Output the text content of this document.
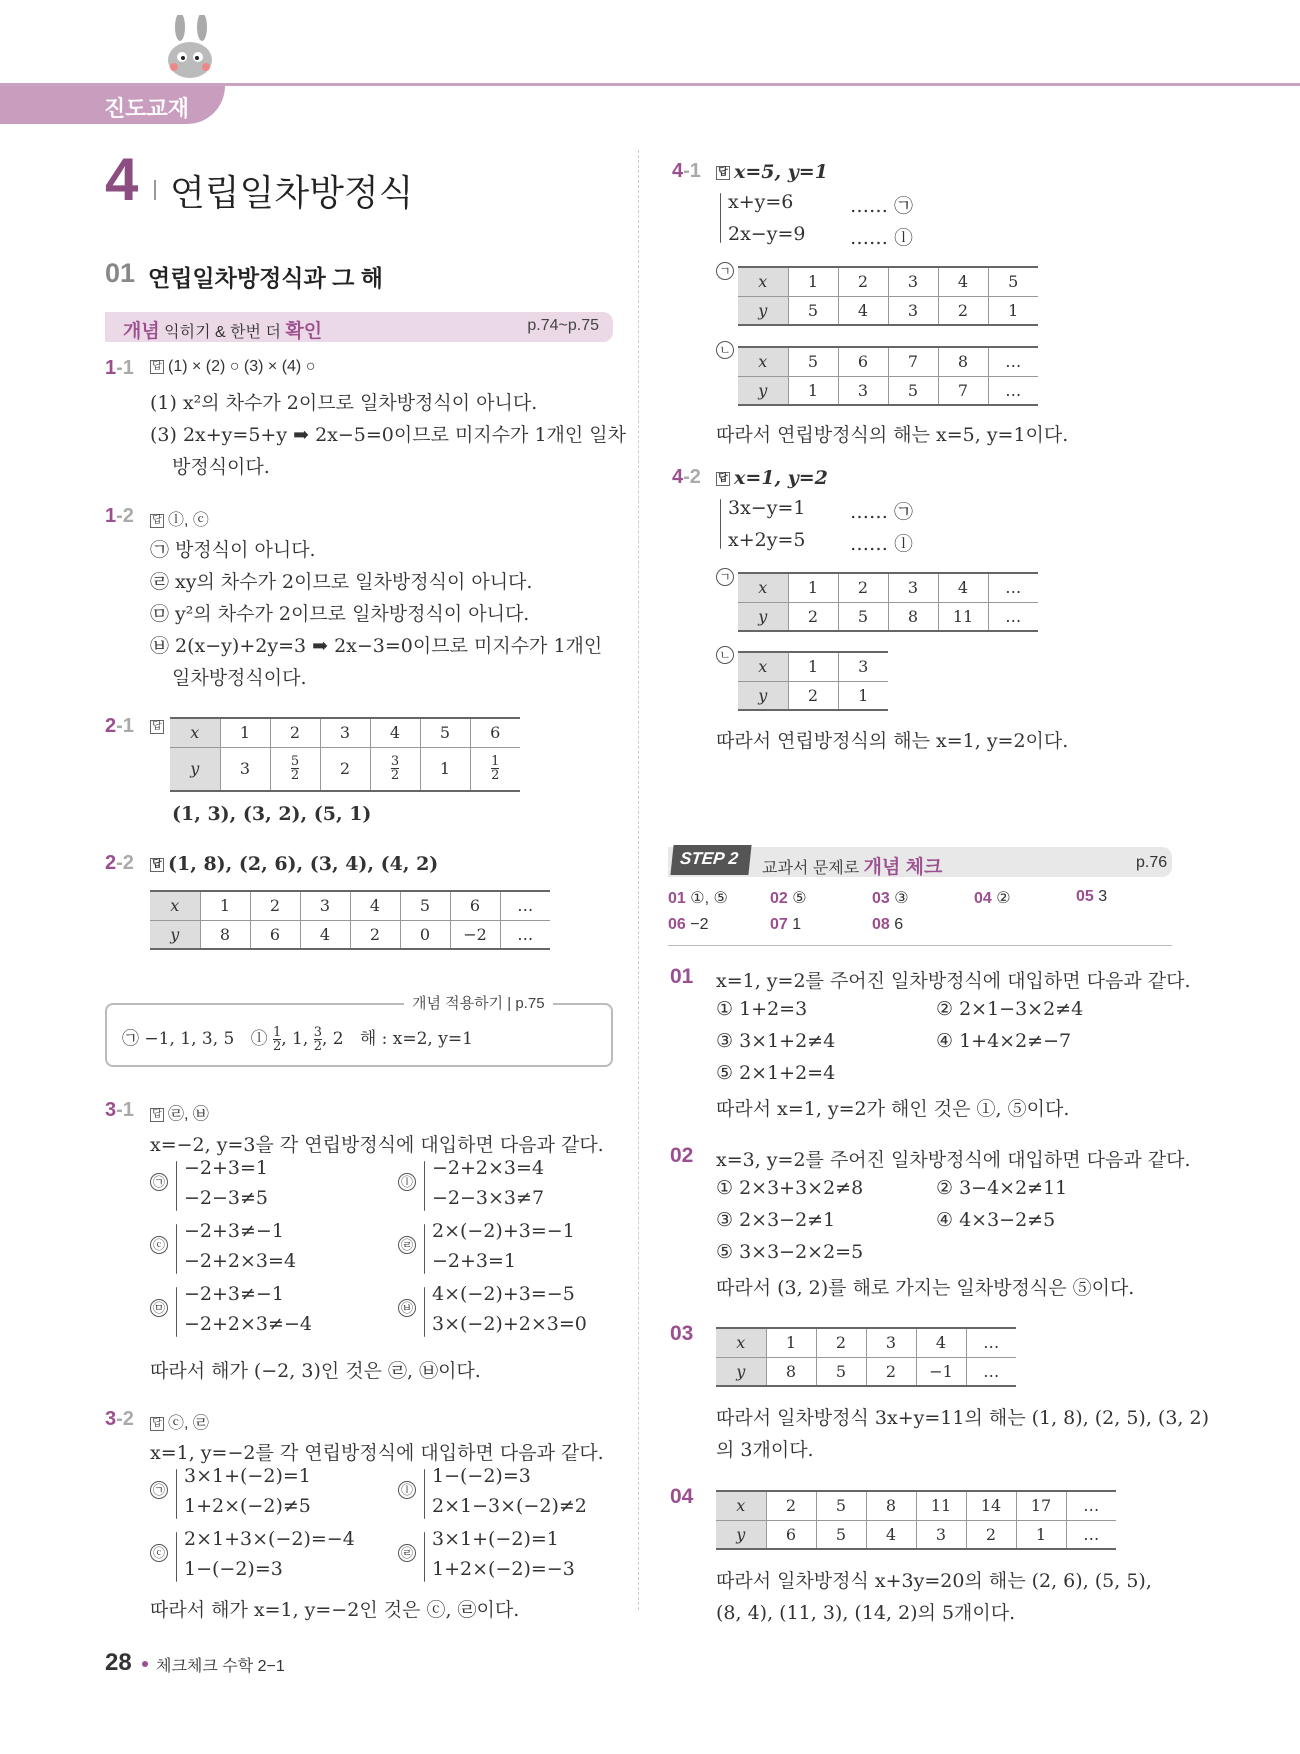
진도교재
4 연립일차방정식
01 연립일차방정식과 그 해
개념 익히기 & 한번 더 확인	p.74~p.75
1-1 답 (1) × (2) ○ (3) × (4) ○
(1) x²의 차수가 2이므로 일차방정식이 아니다.
(3) 2x+y=5+y ➡ 2x−5=0이므로 미지수가 1개인 일차
방정식이다.
1-2 답 ⓛ, ⓒ
㉠ 방정식이 아니다.
㉣ xy의 차수가 2이므로 일차방정식이 아니다.
㉤ y²의 차수가 2이므로 일차방정식이 아니다.
㉥ 2(x−y)+2y=3 ➡ 2x−3=0이므로 미지수가 1개인
일차방정식이다.
2-1 답 x	1	2	3	4	5	6
y	3	$\frac{5}{2}$	2	$\frac{3}{2}$	1	$\frac{1}{2}$
(1, 3), (3, 2), (5, 1)
2-2 답 (1, 8), (2, 6), (3, 4), (4, 2)
x	1	2	3	4	5	6	…
y	8	6	4	2	0	−2	…
개념 적용하기 | p.75
㉠ −1, 1, 3, 5 ⓛ $\frac{1}{2}$ , 1, $\frac{3}{2}$ , 2 해 : x=2, y=1
3-1 답 ㉣, ㉥
x=−2, y=3을 각 연립방정식에 대입하면 다음과 같다.
㉠
−2+3=1
−2−3≠5
ⓛ
−2+2×3=4
−2−3×3≠7
ⓒ
−2+3≠−1
−2+2×3=4
㉣
2×(−2)+3=−1
−2+3=1
㉤
−2+3≠−1
−2+2×3≠−4
㉥
4×(−2)+3=−5
3×(−2)+2×3=0
따라서 해가 (−2, 3)인 것은 ㉣, ㉥이다.
3-2 답 ⓒ, ㉣
x=1, y=−2를 각 연립방정식에 대입하면 다음과 같다.
㉠
3×1+(−2)=1
1+2×(−2)≠5
ⓛ
1−(−2)=3
2×1−3×(−2)≠2
ⓒ
2×1+3×(−2)=−4
1−(−2)=3
㉣
3×1+(−2)=1
1+2×(−2)=−3
따라서 해가 x=1, y=−2인 것은 ⓒ, ㉣이다.
4-1 답 x=5, y=1
x+y=6
2x−y=9
…… ㉠
…… ⓛ
ㄱ
x	1	2	3	4	5
y	5	4	3	2	1
ㄴ
x	5	6	7	8	…
y	1	3	5	7	…
따라서 연립방정식의 해는 x=5, y=1이다.
4-2 답 x=1, y=2
3x−y=1
x+2y=5
…… ㉠
…… ⓛ
ㄱ
x	1	2	3	4	…
y	2	5	8	11	…
ㄴ
x	1	3
y	2	1
따라서 연립방정식의 해는 x=1, y=2이다.
STEP 2
교과서 문제로 개념 체크	p.76
01 ①, ⑤	02 ⑤	03 ③	04 ②	05 3
06 −2	07 1	08 6
01 x=1, y=2를 주어진 일차방정식에 대입하면 다음과 같다.
① 1+2=3	② 2×1−3×2≠4
③ 3×1+2≠4	④ 1+4×2≠−7
⑤ 2×1+2=4
따라서 x=1, y=2가 해인 것은 ①, ⑤이다.
02 x=3, y=2를 주어진 일차방정식에 대입하면 다음과 같다.
① 2×3+3×2≠8	② 3−4×2≠11
③ 2×3−2≠1	④ 4×3−2≠5
⑤ 3×3−2×2=5
따라서 (3, 2)를 해로 가지는 일차방정식은 ⑤이다.
03	x	1	2	3	4	…
y	8	5	2	−1	…
따라서 일차방정식 3x+y=11의 해는 (1, 8), (2, 5), (3, 2)
의 3개이다.
04	x	2	5	8	11	14	17	…
y	6	5	4	3	2	1	…
따라서 일차방정식 x+3y=20의 해는 (2, 6), (5, 5),
(8, 4), (11, 3), (14, 2)의 5개이다.
28 체크체크 수학 2−1
